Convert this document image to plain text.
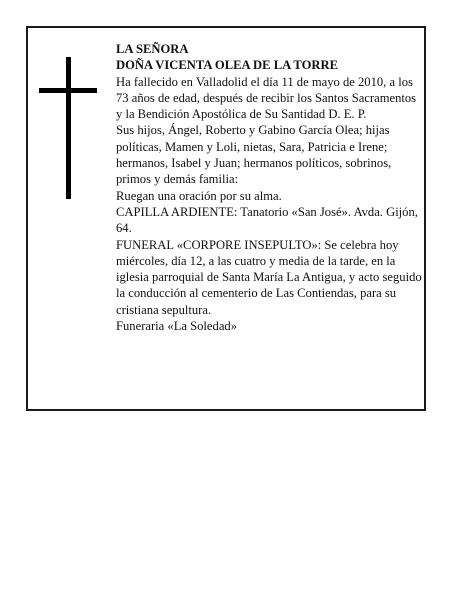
LA SEÑORA

DOÑA VICENTA OLEA DE LA TORRE

Ha fallecido en Valladolid el día 11 de mayo de 2010, a los 73 años de edad, después de recibir los Santos Sacramentos y la Bendición Apostólica de Su Santidad D. E. P.

Sus hijos, Ángel, Roberto y Gabino García Olea; hijas políticas, Mamen y Loli, nietas, Sara, Patricia e Irene; hermanos, Isabel y Juan; hermanos políticos, sobrinos, primos y demás familia:

Ruegan una oración por su alma.

CAPILLA ARDIENTE: Tanatorio «San José». Avda. Gijón, 64.

FUNERAL «CORPORE INSEPULTO»: Se celebra hoy miércoles, día 12, a las cuatro y media de la tarde, en la iglesia parroquial de Santa María La Antigua, y acto seguido la conducción al cementerio de Las Contiendas, para su cristiana sepultura.

Funeraria «La Soledad»
